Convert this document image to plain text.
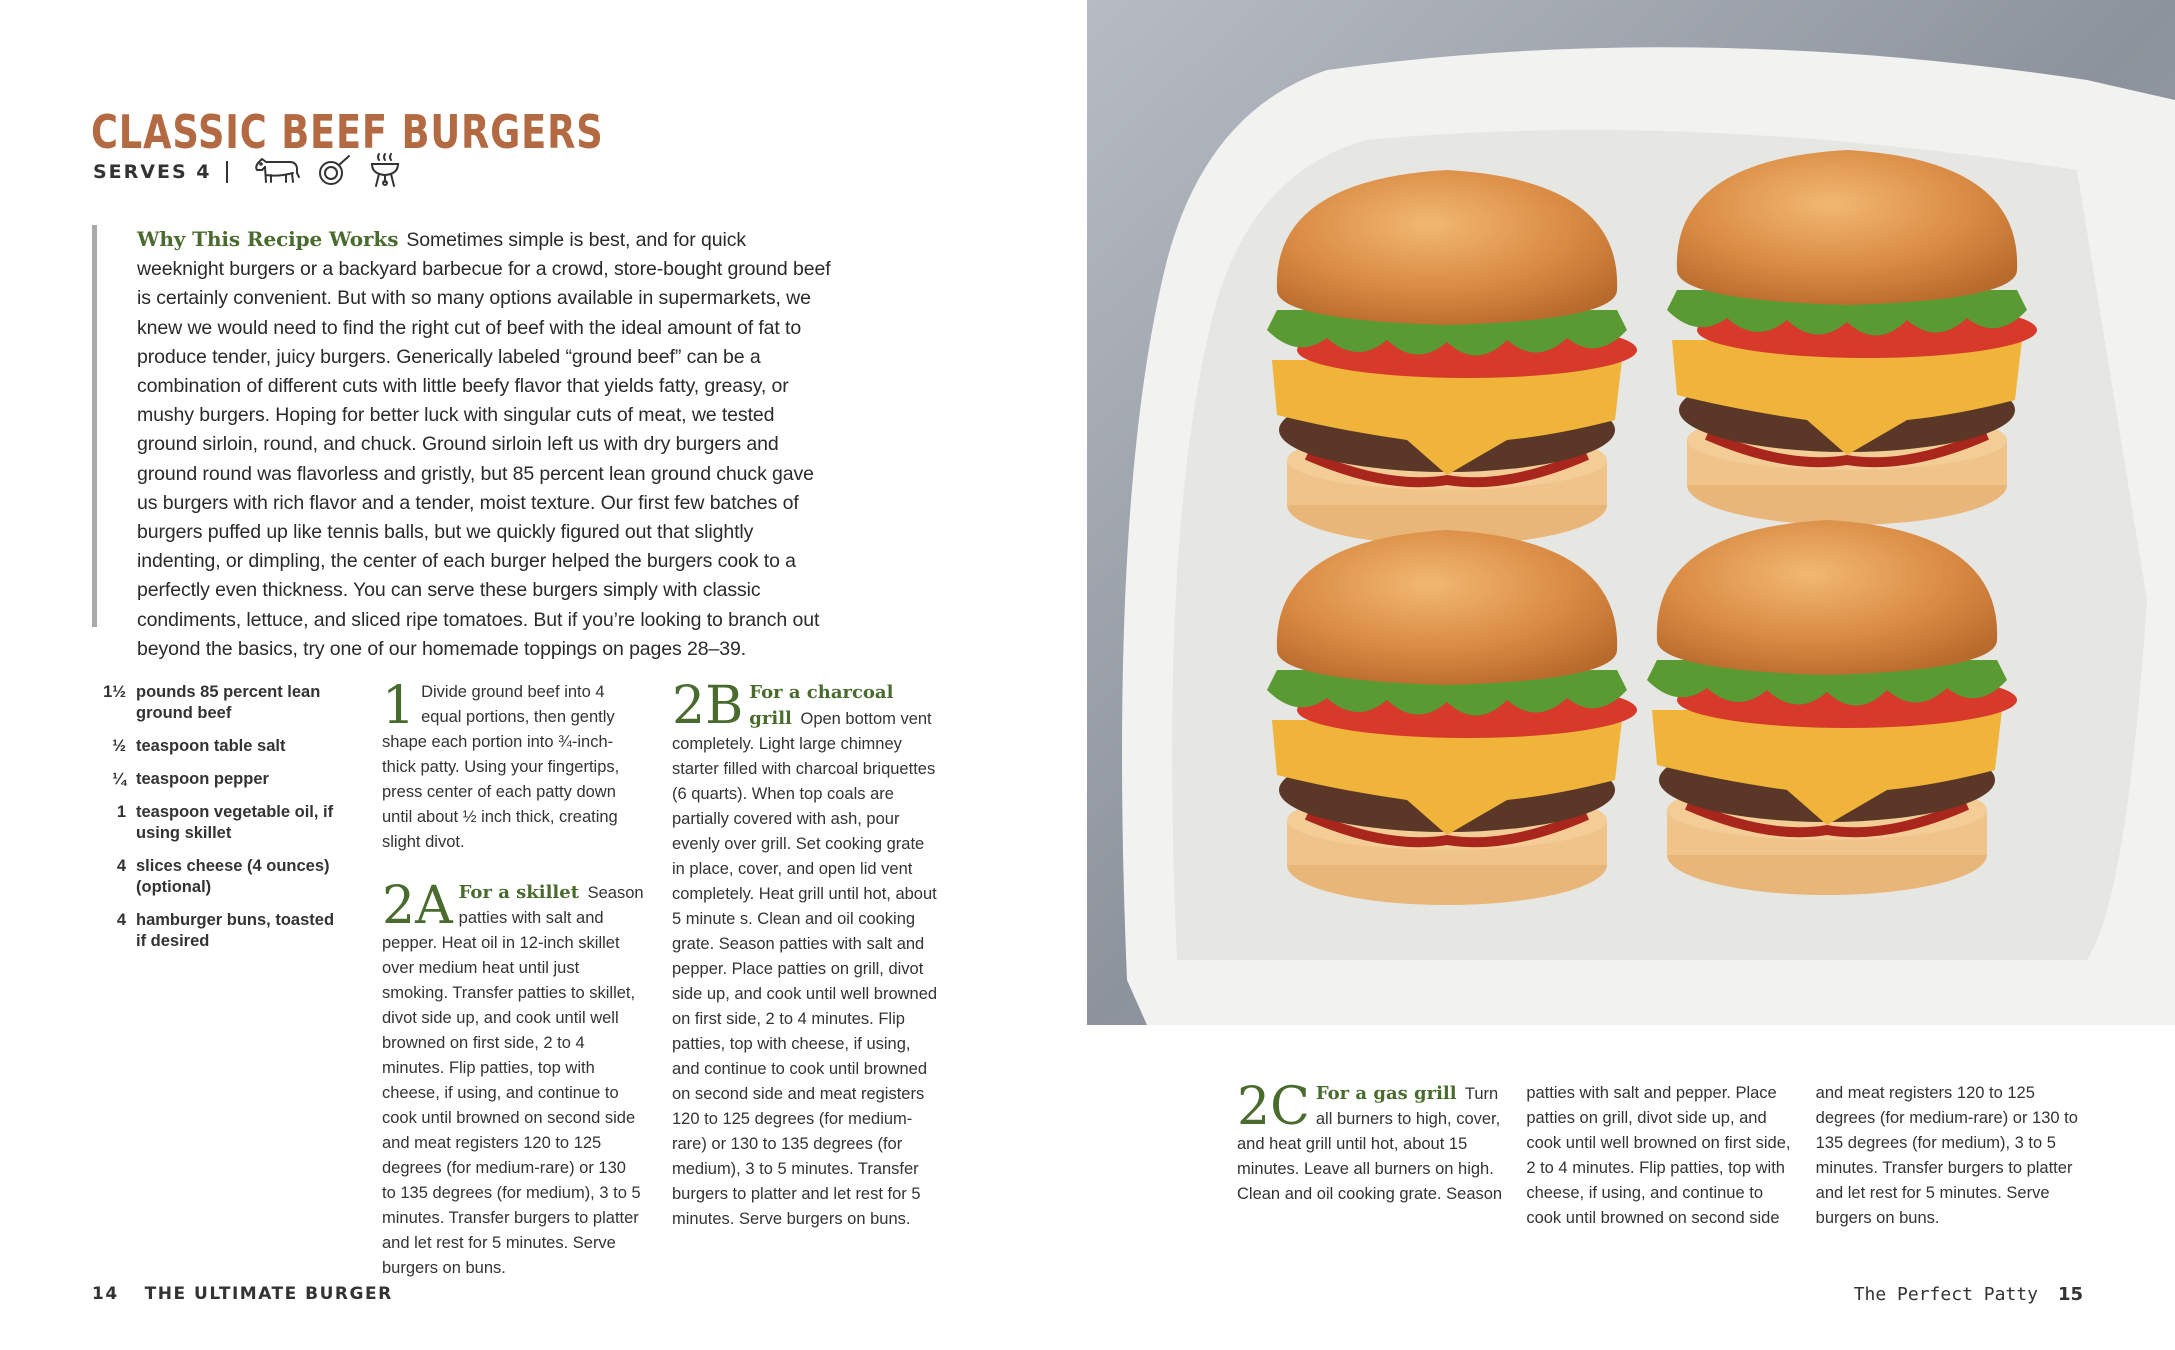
CLASSIC BEEF BURGERS
SERVES 4

Why This Recipe Works Sometimes simple is best, and for quick weeknight burgers or a backyard barbecue for a crowd, store-bought ground beef is certainly convenient. But with so many options available in supermarkets, we knew we would need to find the right cut of beef with the ideal amount of fat to produce tender, juicy burgers. Generically labeled “ground beef” can be a combination of different cuts with little beefy flavor that yields fatty, greasy, or mushy burgers. Hoping for better luck with singular cuts of meat, we tested ground sirloin, round, and chuck. Ground sirloin left us with dry burgers and ground round was flavorless and gristly, but 85 percent lean ground chuck gave us burgers with rich flavor and a tender, moist texture. Our first few batches of burgers puffed up like tennis balls, but we quickly figured out that slightly indenting, or dimpling, the center of each burger helped the burgers cook to a perfectly even thickness. You can serve these burgers simply with classic condiments, lettuce, and sliced ripe tomatoes. But if you’re looking to branch out beyond the basics, try one of our homemade toppings on pages 28–39.

1½ pounds 85 percent lean ground beef
½ teaspoon table salt
¼ teaspoon pepper
1 teaspoon vegetable oil, if using skillet
4 slices cheese (4 ounces) (optional)
4 hamburger buns, toasted if desired
1 Divide ground beef into 4 equal portions, then gently shape each portion into ¾-inch-thick patty. Using your fingertips, press center of each patty down until about ½ inch thick, creating slight divot.

2A For a skillet Season patties with salt and pepper. Heat oil in 12-inch skillet over medium heat until just smoking. Transfer patties to skillet, divot side up, and cook until well browned on first side, 2 to 4 minutes. Flip patties, top with cheese, if using, and continue to cook until browned on second side and meat registers 120 to 125 degrees (for medium-rare) or 130 to 135 degrees (for medium), 3 to 5 minutes. Transfer burgers to platter and let rest for 5 minutes. Serve burgers on buns.

2B For a charcoal grill Open bottom vent completely. Light large chimney starter filled with charcoal briquettes (6 quarts). When top coals are partially covered with ash, pour evenly over grill. Set cooking grate in place, cover, and open lid vent completely. Heat grill until hot, about 5 minute s. Clean and oil cooking grate. Season patties with salt and pepper. Place patties on grill, divot side up, and cook until well browned on first side, 2 to 4 minutes. Flip patties, top with cheese, if using, and continue to cook until browned on second side and meat registers 120 to 125 degrees (for medium-rare) or 130 to 135 degrees (for medium), 3 to 5 minutes. Transfer burgers to platter and let rest for 5 minutes. Serve burgers on buns.

2C For a gas grill Turn all burners to high, cover, and heat grill until hot, about 15 minutes. Leave all burners on high. Clean and oil cooking grate. Season patties with salt and pepper. Place patties on grill, divot side up, and cook until well browned on first side, 2 to 4 minutes. Flip patties, top with cheese, if using, and continue to cook until browned on second side and meat registers 120 to 125 degrees (for medium-rare) or 130 to 135 degrees (for medium), 3 to 5 minutes. Transfer burgers to platter and let rest for 5 minutes. Serve burgers on buns.

14 THE ULTIMATE BURGER	The Perfect Patty 15
